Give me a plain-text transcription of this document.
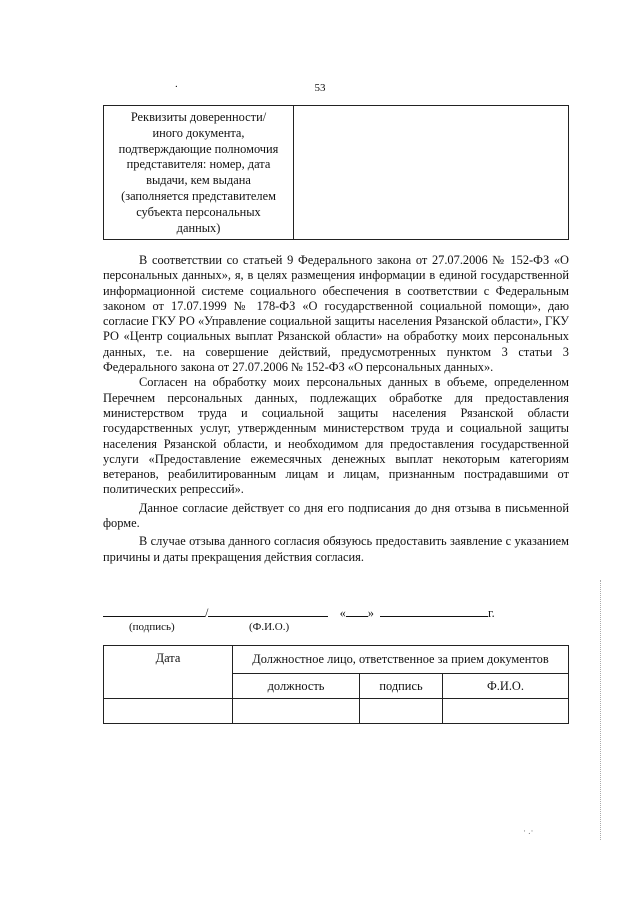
.	53
Реквизиты доверенности/
иного документа,
подтверждающие полномочия
представителя: номер, дата
выдачи, кем выдана
(заполняется представителем
субъекта персональных
данных)

В соответствии со статьей 9 Федерального закона от 27.07.2006 № 152-ФЗ «О персональных данных», я, в целях размещения информации в единой государственной информационной системе социального обеспечения в соответствии с Федеральным законом от 17.07.1999 № 178-ФЗ «О государственной социальной помощи», даю согласие ГКУ РО «Управление социальной защиты населения Рязанской области», ГКУ РО «Центр социальных выплат Рязанской области» на обработку моих персональных данных, т.е. на совершение действий, предусмотренных пунктом 3 статьи 3 Федерального закона от 27.07.2006 № 152-ФЗ «О персональных данных».

Согласен на обработку моих персональных данных в объеме, определенном Перечнем персональных данных, подлежащих обработке для предоставления министерством труда и социальной защиты населения Рязанской области государственных услуг, утвержденным министерством труда и социальной защиты населения Рязанской области, и необходимом для предоставления государственной услуги «Предоставление ежемесячных денежных выплат некоторым категориям ветеранов, реабилитированным лицам и лицам, признанным пострадавшими от политических репрессий».

Данное согласие действует со дня его подписания до дня отзыва в письменной форме.

В случае отзыва данного согласия обязуюсь предоставить заявление с указанием причины и даты прекращения действия согласия.

/	« »	г.
(подпись)	(Ф.И.О.)
Дата	Должностное лицо, ответственное за прием документов		
	должность	подпись	Ф.И.О.

· .·
